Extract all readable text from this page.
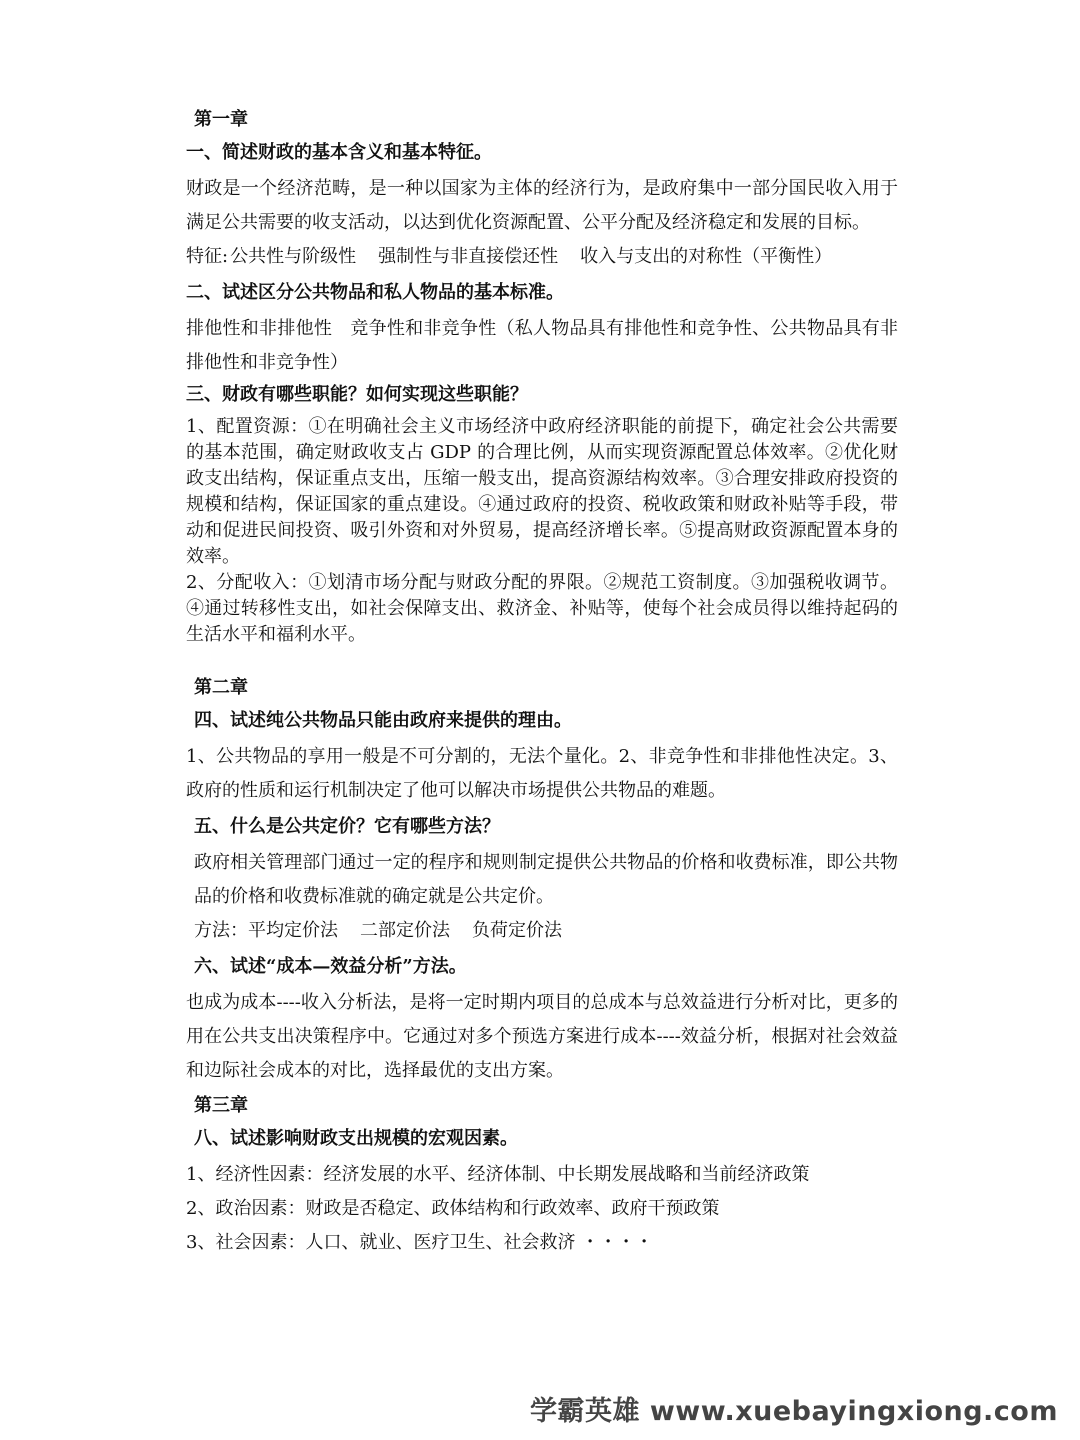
第一章
一、简述财政的基本含义和基本特征。

财政是一个经济范畴，是一种以国家为主体的经济行为，是政府集中一部分国民收入用于满足公共需要的收支活动，以达到优化资源配置、公平分配及经济稳定和发展的目标。

特征: 公共性与阶级性 强制性与非直接偿还性 收入与支出的对称性（平衡性）

二、试述区分公共物品和私人物品的基本标准。

排他性和非排他性　竞争性和非竞争性（私人物品具有排他性和竞争性、公共物品具有非排他性和非竞争性）

三、财政有哪些职能？如何实现这些职能？

1、配置资源：①在明确社会主义市场经济中政府经济职能的前提下，确定社会公共需要的基本范围，确定财政收支占 GDP 的合理比例，从而实现资源配置总体效率。②优化财政支出结构，保证重点支出，压缩一般支出，提高资源结构效率。③合理安排政府投资的规模和结构，保证国家的重点建设。④通过政府的投资、税收政策和财政补贴等手段，带动和促进民间投资、吸引外资和对外贸易，提高经济增长率。⑤提高财政资源配置本身的效率。

2、分配收入：①划清市场分配与财政分配的界限。②规范工资制度。③加强税收调节。④通过转移性支出，如社会保障支出、救济金、补贴等，使每个社会成员得以维持起码的生活水平和福利水平。

第二章
四、试述纯公共物品只能由政府来提供的理由。

1、公共物品的享用一般是不可分割的，无法个量化。2、非竞争性和非排他性决定。3、政府的性质和运行机制决定了他可以解决市场提供公共物品的难题。

五、什么是公共定价？它有哪些方法？

政府相关管理部门通过一定的程序和规则制定提供公共物品的价格和收费标准，即公共物品的价格和收费标准就的确定就是公共定价。

方法：平均定价法 二部定价法 负荷定价法

六、试述“成本—效益分析”方法。

也成为成本----收入分析法，是将一定时期内项目的总成本与总效益进行分析对比，更多的用在公共支出决策程序中。它通过对多个预选方案进行成本----效益分析，根据对社会效益和边际社会成本的对比，选择最优的支出方案。

第三章
八、试述影响财政支出规模的宏观因素。

1、经济性因素：经济发展的水平、经济体制、中长期发展战略和当前经济政策

2、政治因素：财政是否稳定、政体结构和行政效率、政府干预政策

3、社会因素：人口、就业、医疗卫生、社会救济 ・・・・

学霸英雄 www.xuebayingxiong.com
